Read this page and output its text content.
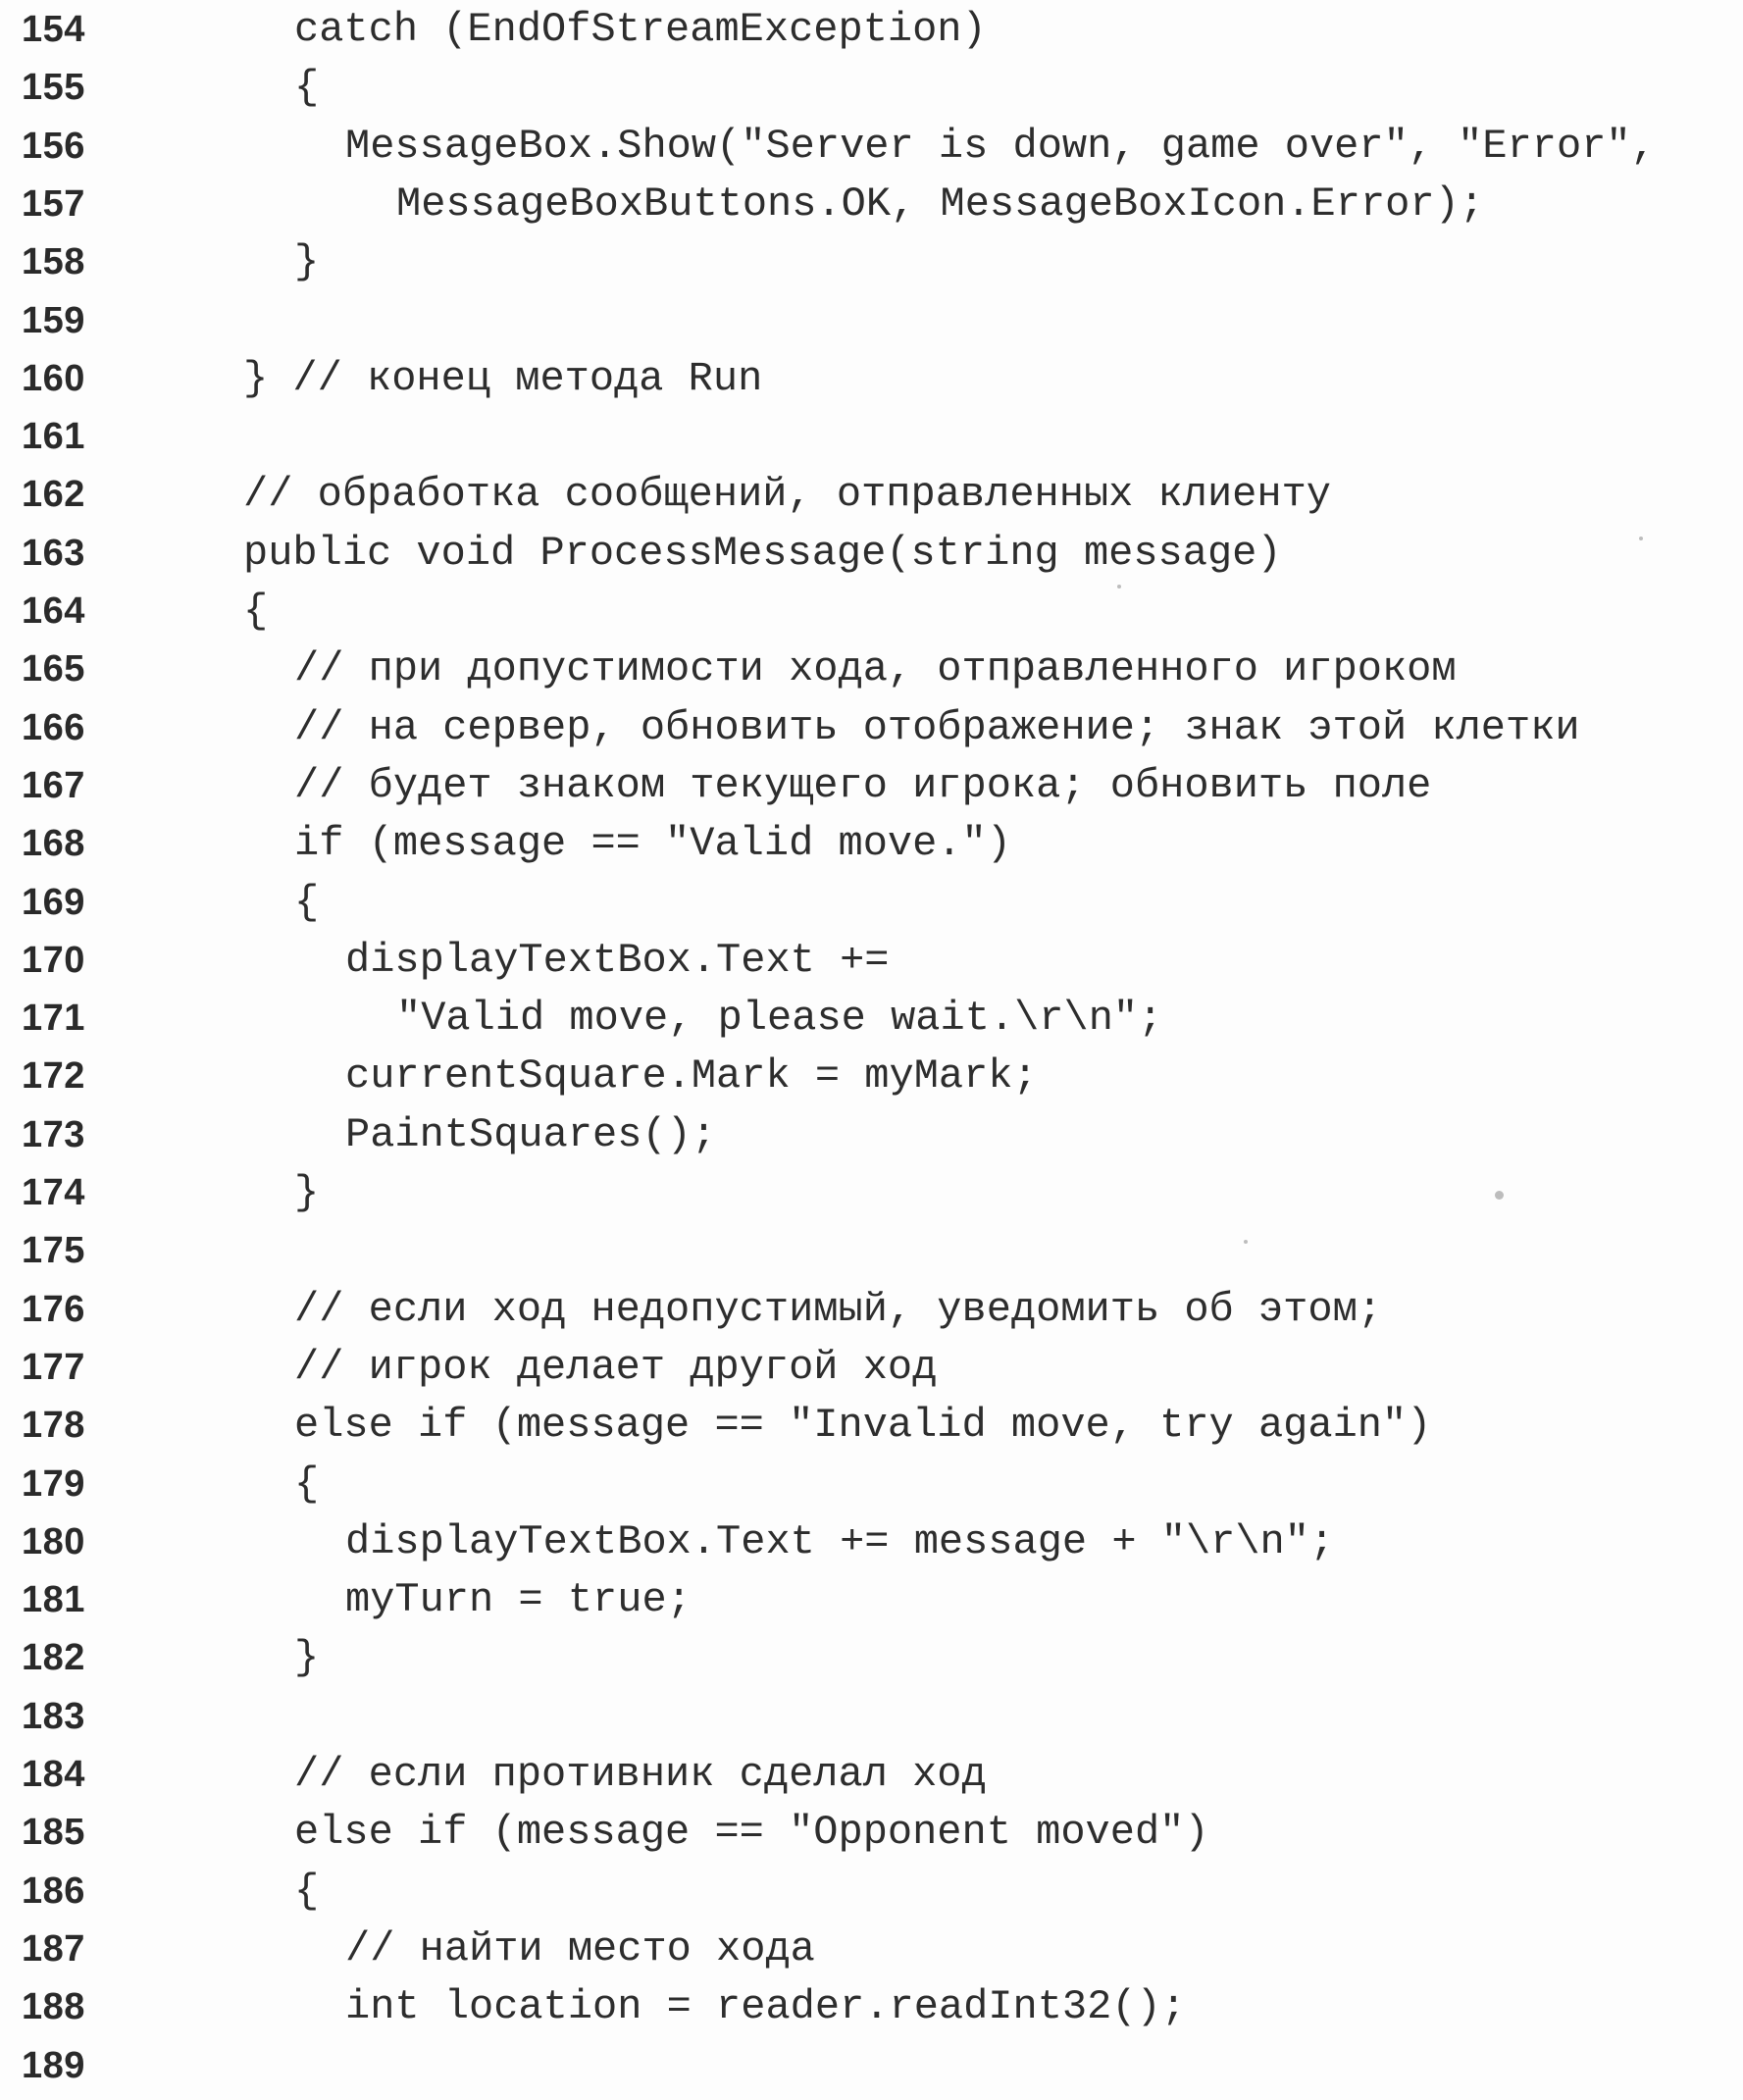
154	catch (EndOfStreamException)
155	{
156	MessageBox.Show("Server is down, game over", "Error",
157	MessageBoxButtons.OK, MessageBoxIcon.Error);
158	}
159
160	} // конец метода Run
161
162	// обработка сообщений, отправленных клиенту
163	public void ProcessMessage(string message)
164	{
165	// при допустимости хода, отправленного игроком
166	// на сервер, обновить отображение; знак этой клетки
167	// будет знаком текущего игрока; обновить поле
168	if (message == "Valid move.")
169	{
170	displayTextBox.Text +=
171	"Valid move, please wait.\r\n";
172	currentSquare.Mark = myMark;
173	PaintSquares();
174	}
175
176	// если ход недопустимый, уведомить об этом;
177	// игрок делает другой ход
178	else if (message == "Invalid move, try again")
179	{
180	displayTextBox.Text += message + "\r\n";
181	myTurn = true;
182	}
183
184	// если противник сделал ход
185	else if (message == "Opponent moved")
186	{
187	// найти место хода
188	int location = reader.readInt32();
189
